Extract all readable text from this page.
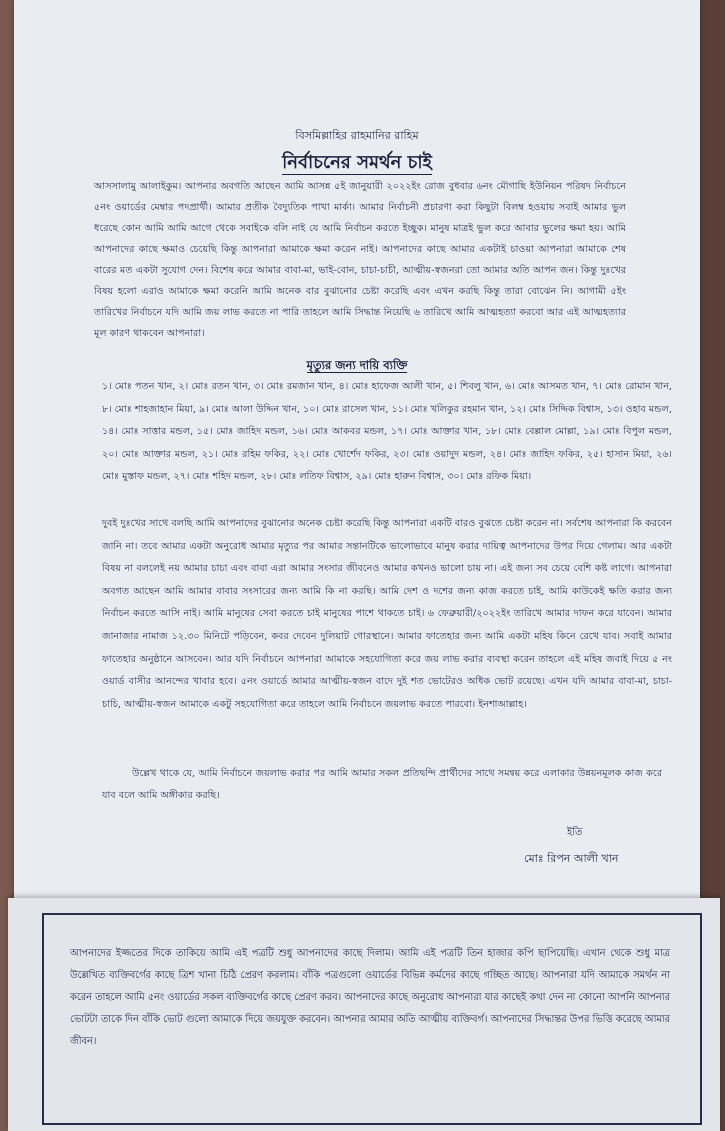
বিসমিল্লাহির রাহমানির রাহিম
নির্বাচনের সমর্থন চাই

আসসালামু আলাইকুম। আপনার অবগতি আছেন আমি আসন্ন ৫ই জানুয়ারী ২০২২ইং রোজ বুধবার ৬নং মৌগাছি ইউনিয়ন পরিষদ নির্বাচনে ৫নং ওয়ার্ডের মেম্বার পদপ্রার্থী। আমার প্রতীক বৈদ্যুতিক পাখা মার্কা। আমার নির্বাচনী প্রচারণা করা কিছুটা বিলম্ব হওয়ায় সবাই আমার ভুল ধরেছে কোন আমি আমি আগে থেকে সবাইকে বলি নাই যে আমি নির্বাচন করতে ইচ্ছুক। মানুষ মাত্রই ভুল করে আবার ভুলের ক্ষমা হয়। আমি আপনাদের কাছে ক্ষমাও চেয়েছি কিন্তু আপনারা আমাকে ক্ষমা করেন নাই। আপনাদের কাছে আমার একটাই চাওয়া আপনারা আমাকে শেষ বারের মত একটা সুযোগ দেন। বিশেষ করে আমার বাবা-মা, ভাই-বোন, চাচা-চাচী, আত্মীয়-স্বজনরা তো আমার অতি আপন জন। কিন্তু দুঃখের বিষয় হলো এরাও আমাকে ক্ষমা করেনি আমি অনেক বার বুঝানোর চেষ্টা করেছি এবং এখন করছি কিন্তু তারা বোঝেন নি। আগামী ৫ইং তারিখের নির্বাচনে যদি আমি জয় লাভ করতে না পারি তাহলে আমি সিদ্ধান্ত নিয়েছি ৬ তারিখে আমি আত্মহত্যা করবো আর এই আত্মহত্যার মূল কারণ থাকবেন আপনারা।

মৃত্যুর জন্য দায়ি ব্যক্তি

১। মোঃ পতন খান, ২। মোঃ রতন খান, ৩। মোঃ রমজান খান, ৪। মোঃ হাফেজ আলী খান, ৫। শিবলু খান, ৬। মোঃ আসমত খান, ৭। মোঃ রোমান খান, ৮। মোঃ শাহজাহান মিয়া, ৯। মোঃ আলা উদ্দিন খান, ১০। মোঃ রাসেল খান, ১১। মোঃ খলিকুর রহমান খান, ১২। মোঃ সিদ্দিক বিশ্বাস, ১৩। ওহাব মন্ডল, ১৪। মোঃ সাত্তার মন্ডল, ১৫। মোঃ জাহিদ মন্ডল, ১৬। মোঃ আকবর মন্ডল, ১৭। মোঃ আক্তার খান, ১৮। মোঃ বেল্লাল মোল্লা, ১৯। মোঃ বিপুল মন্ডল, ২০। মোঃ আক্তার মন্ডল, ২১। মোঃ রহিম ফকির, ২২। মোঃ খোর্শেদ ফকির, ২৩। মোঃ ওয়াদুদ মন্ডল, ২৪। মোঃ জাহিদ ফকির, ২৫। হাসান মিয়া, ২৬। মোঃ মুস্তাফ মন্ডল, ২৭। মোঃ শহিদ মন্ডল, ২৮। মোঃ লতিফ বিশ্বাস, ২৯। মোঃ হারুন বিশ্বাস, ৩০। মোঃ রফিক মিয়া।

দুবই দুঃখের সাথে বলছি আমি আপনাদের বুঝানোর অনেক চেষ্টা করেছি কিন্তু আপনারা একটি বারও বুঝতে চেষ্টা করেন না। সর্বশেষ আপনারা কি করবেন জানি না। তবে আমার একটা অনুরোধ আমার মৃত্যুর পর আমার সন্তানটিকে ভালোভাবে মানুষ করার দায়িত্ব আপনাদের উপর দিয়ে গেলাম। আর একটা বিষয় না বললেই নয় আমার চাচা এবং বাবা এরা আমার সংসার জীবনেও আমার কখনও ভালো চায় না। এই জন্য সব চেয়ে বেশি কষ্ট লাগে। আপনারা অবগত আছেন আমি আমার বাবার সংসারের জন্য আমি কি না করছি। আমি দেশ ও দশের জন্য কাজ করতে চাই, আমি কাউকেই ক্ষতি করার জন্য নির্বাচন করতে আসি নাই। আমি মানুষের সেবা করতে চাই মানুষের পাশে থাকতে চাই। ৬ ফেব্রুয়ারী/২০২২ইং তারিখে আমার দাফন করে যাবেন। আমার জানাজার নামাজ ১২.৩০ মিনিটে পড়িবেন, কবর দেবেন দুলিয়াট গোরস্থানে। আমার ফাতেহার জন্য আমি একটা মহিষ কিনে রেখে যাব। সবাই আমার ফাতেহার অনুষ্ঠানে আসবেন। আর যদি নির্বাচনে আপনারা আমাকে সহযোগিতা করে জয় লাভ করার ব্যবস্থা করেন তাহলে এই মহিষ জবাই দিয়ে ৫ নং ওয়ার্ড বাসীর আনন্দের খাবার হবে। ৫নং ওয়ার্ডে আমার আত্মীয়-স্বজন বাদে দুই শত ভোটেরও অধিক ভোট রয়েছে। এখন যদি আমার বাবা-মা, চাচা-চাচি, আত্মীয়-স্বজন আমাকে একটু সহযোগিতা করে তাহলে আমি নির্বাচনে জয়লাভ করতে পারবো। ইনশাআল্লাহ।

উল্লেখ থাকে যে, আমি নির্বাচনে জয়লাভ করার পর আমি আমার সকল প্রতিদ্বন্দি প্রার্থীদের সাথে সমন্বয় করে এলাকার উন্নয়নমূলক কাজ করে যাব বলে আমি অঙ্গীকার করছি।

ইতি
মোঃ রিপন আলী খান

আপনাদের ইজ্জতের দিকে তাকিয়ে আমি এই পত্রটি শুধু আপনাদের কাছে দিলাম। আমি এই পত্রটি তিন হাজার কপি ছাপিয়েছি। এখান থেকে শুধু মাত্র উল্লেখিত ব্যক্তিবর্গের কাছে ত্রিশ খানা চিঠি প্রেরণ করলাম। বাঁকি পত্রগুলো ওয়ার্ডের বিভিন্ন কর্মদের কাছে গচ্ছিত আছে। আপনারা যদি আমাকে সমর্থন না করেন তাহলে আমি ৫নং ওয়ার্ডের সকল ব্যক্তিবর্গের কাছে প্রেরণ করব। আপনাদের কাছে অনুরোধ আপনারা যার কাছেই কথা দেন না কোনো আপনি আপনার ভোটটা তাকে দিন বাঁকি ভোট গুলো আমাকে দিয়ে জয়যুক্ত করবেন। আপনার আমার অতি আত্মীয় ব্যক্তিবর্গ। আপনাদের সিদ্ধান্তর উপর ভিত্তি করেছে আমার জীবন।
